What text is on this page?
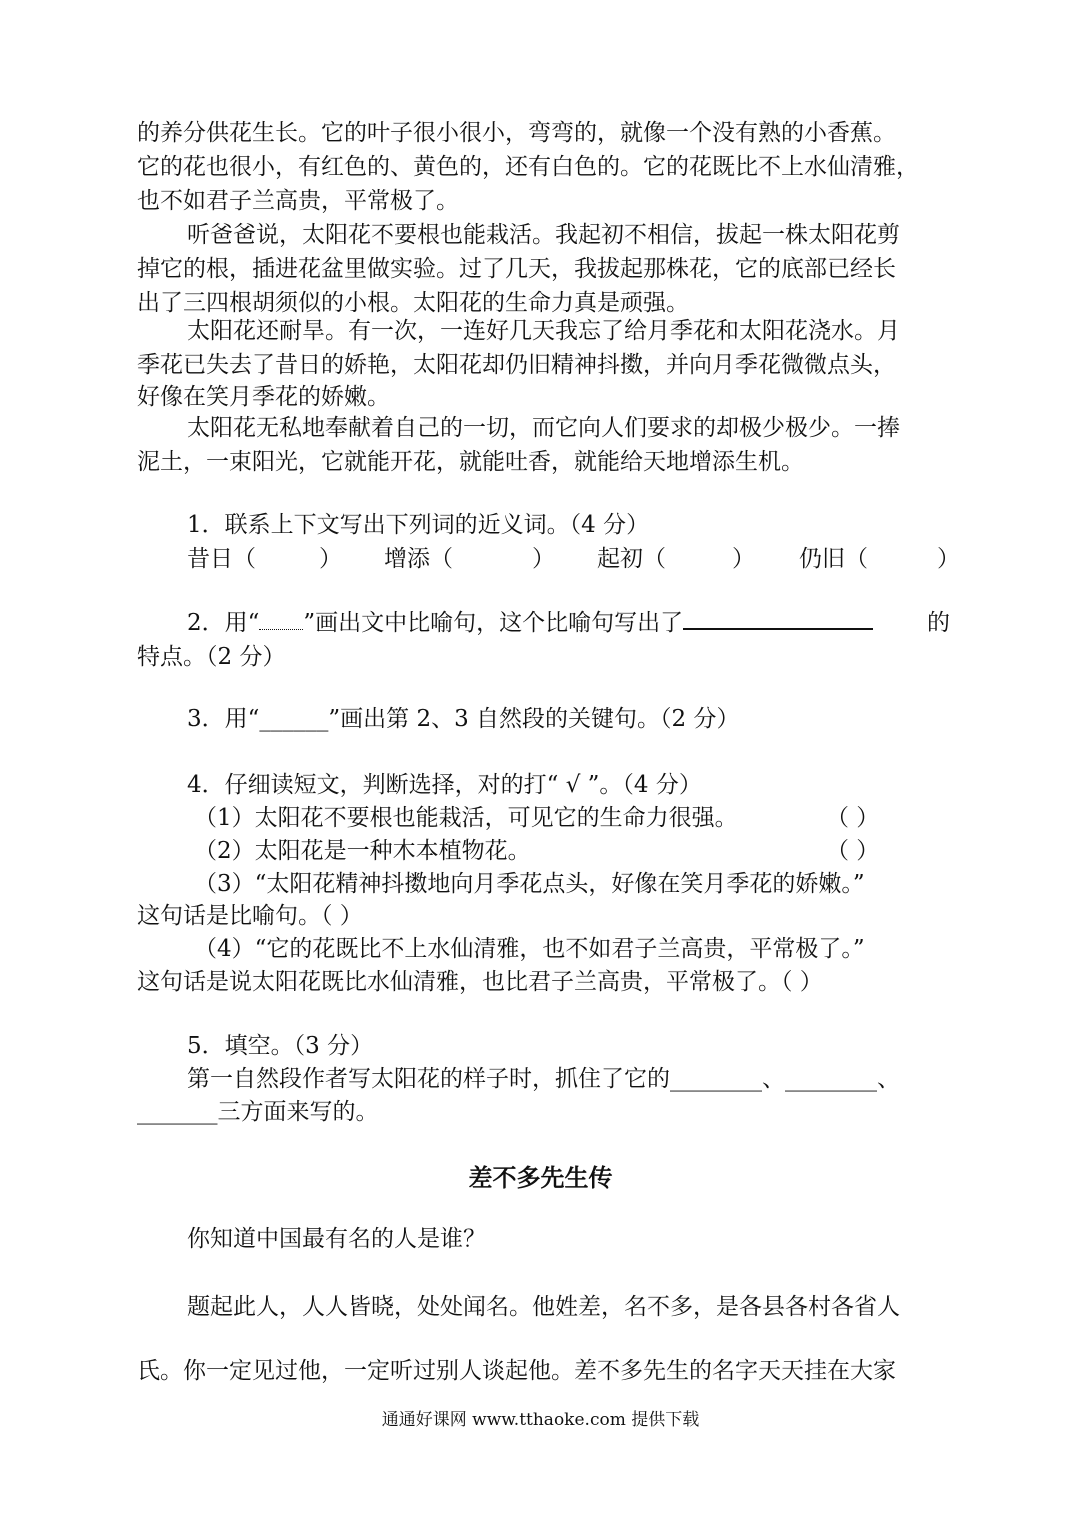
的养分供花生长。它的叶子很小很小，弯弯的，就像一个没有熟的小香蕉。
它的花也很小，有红色的、黄色的，还有白色的。它的花既比不上水仙清雅，
也不如君子兰高贵，平常极了。
听爸爸说，太阳花不要根也能栽活。我起初不相信，拔起一株太阳花剪
掉它的根，插进花盆里做实验。过了几天，我拔起那株花，它的底部已经长
出了三四根胡须似的小根。太阳花的生命力真是顽强。
太阳花还耐旱。有一次，一连好几天我忘了给月季花和太阳花浇水。月
季花已失去了昔日的娇艳，太阳花却仍旧精神抖擞，并向月季花微微点头，
好像在笑月季花的娇嫩。
太阳花无私地奉献着自己的一切，而它向人们要求的却极少极少。一捧
泥土，一束阳光，它就能开花，就能吐香，就能给天地增添生机。
1．联系上下文写出下列词的近义词。（4 分）
昔日（	） 增添（	） 起初（	） 仍旧（	）
2．用“ ”画出文中比喻句，这个比喻句写出了	的
特点。（2 分）
3．用“______”画出第 2、3 自然段的关键句。（2 分）
4．仔细读短文，判断选择，对的打“ √ ”。（4 分）
（1）太阳花不要根也能栽活，可见它的生命力很强。	（ ）
（2）太阳花是一种木本植物花。	（ ）
（3）“太阳花精神抖擞地向月季花点头，好像在笑月季花的娇嫩。”
这句话是比喻句。（ ）
（4）“它的花既比不上水仙清雅，也不如君子兰高贵，平常极了。”
这句话是说太阳花既比水仙清雅，也比君子兰高贵，平常极了。（ ）
5．填空。（3 分）
第一自然段作者写太阳花的样子时，抓住了它的________、________、
_______三方面来写的。
差不多先生传
你知道中国最有名的人是谁？
题起此人，人人皆晓，处处闻名。他姓差，名不多，是各县各村各省人
氏。你一定见过他，一定听过别人谈起他。差不多先生的名字天天挂在大家
通通好课网 www.tthaoke.com 提供下载
